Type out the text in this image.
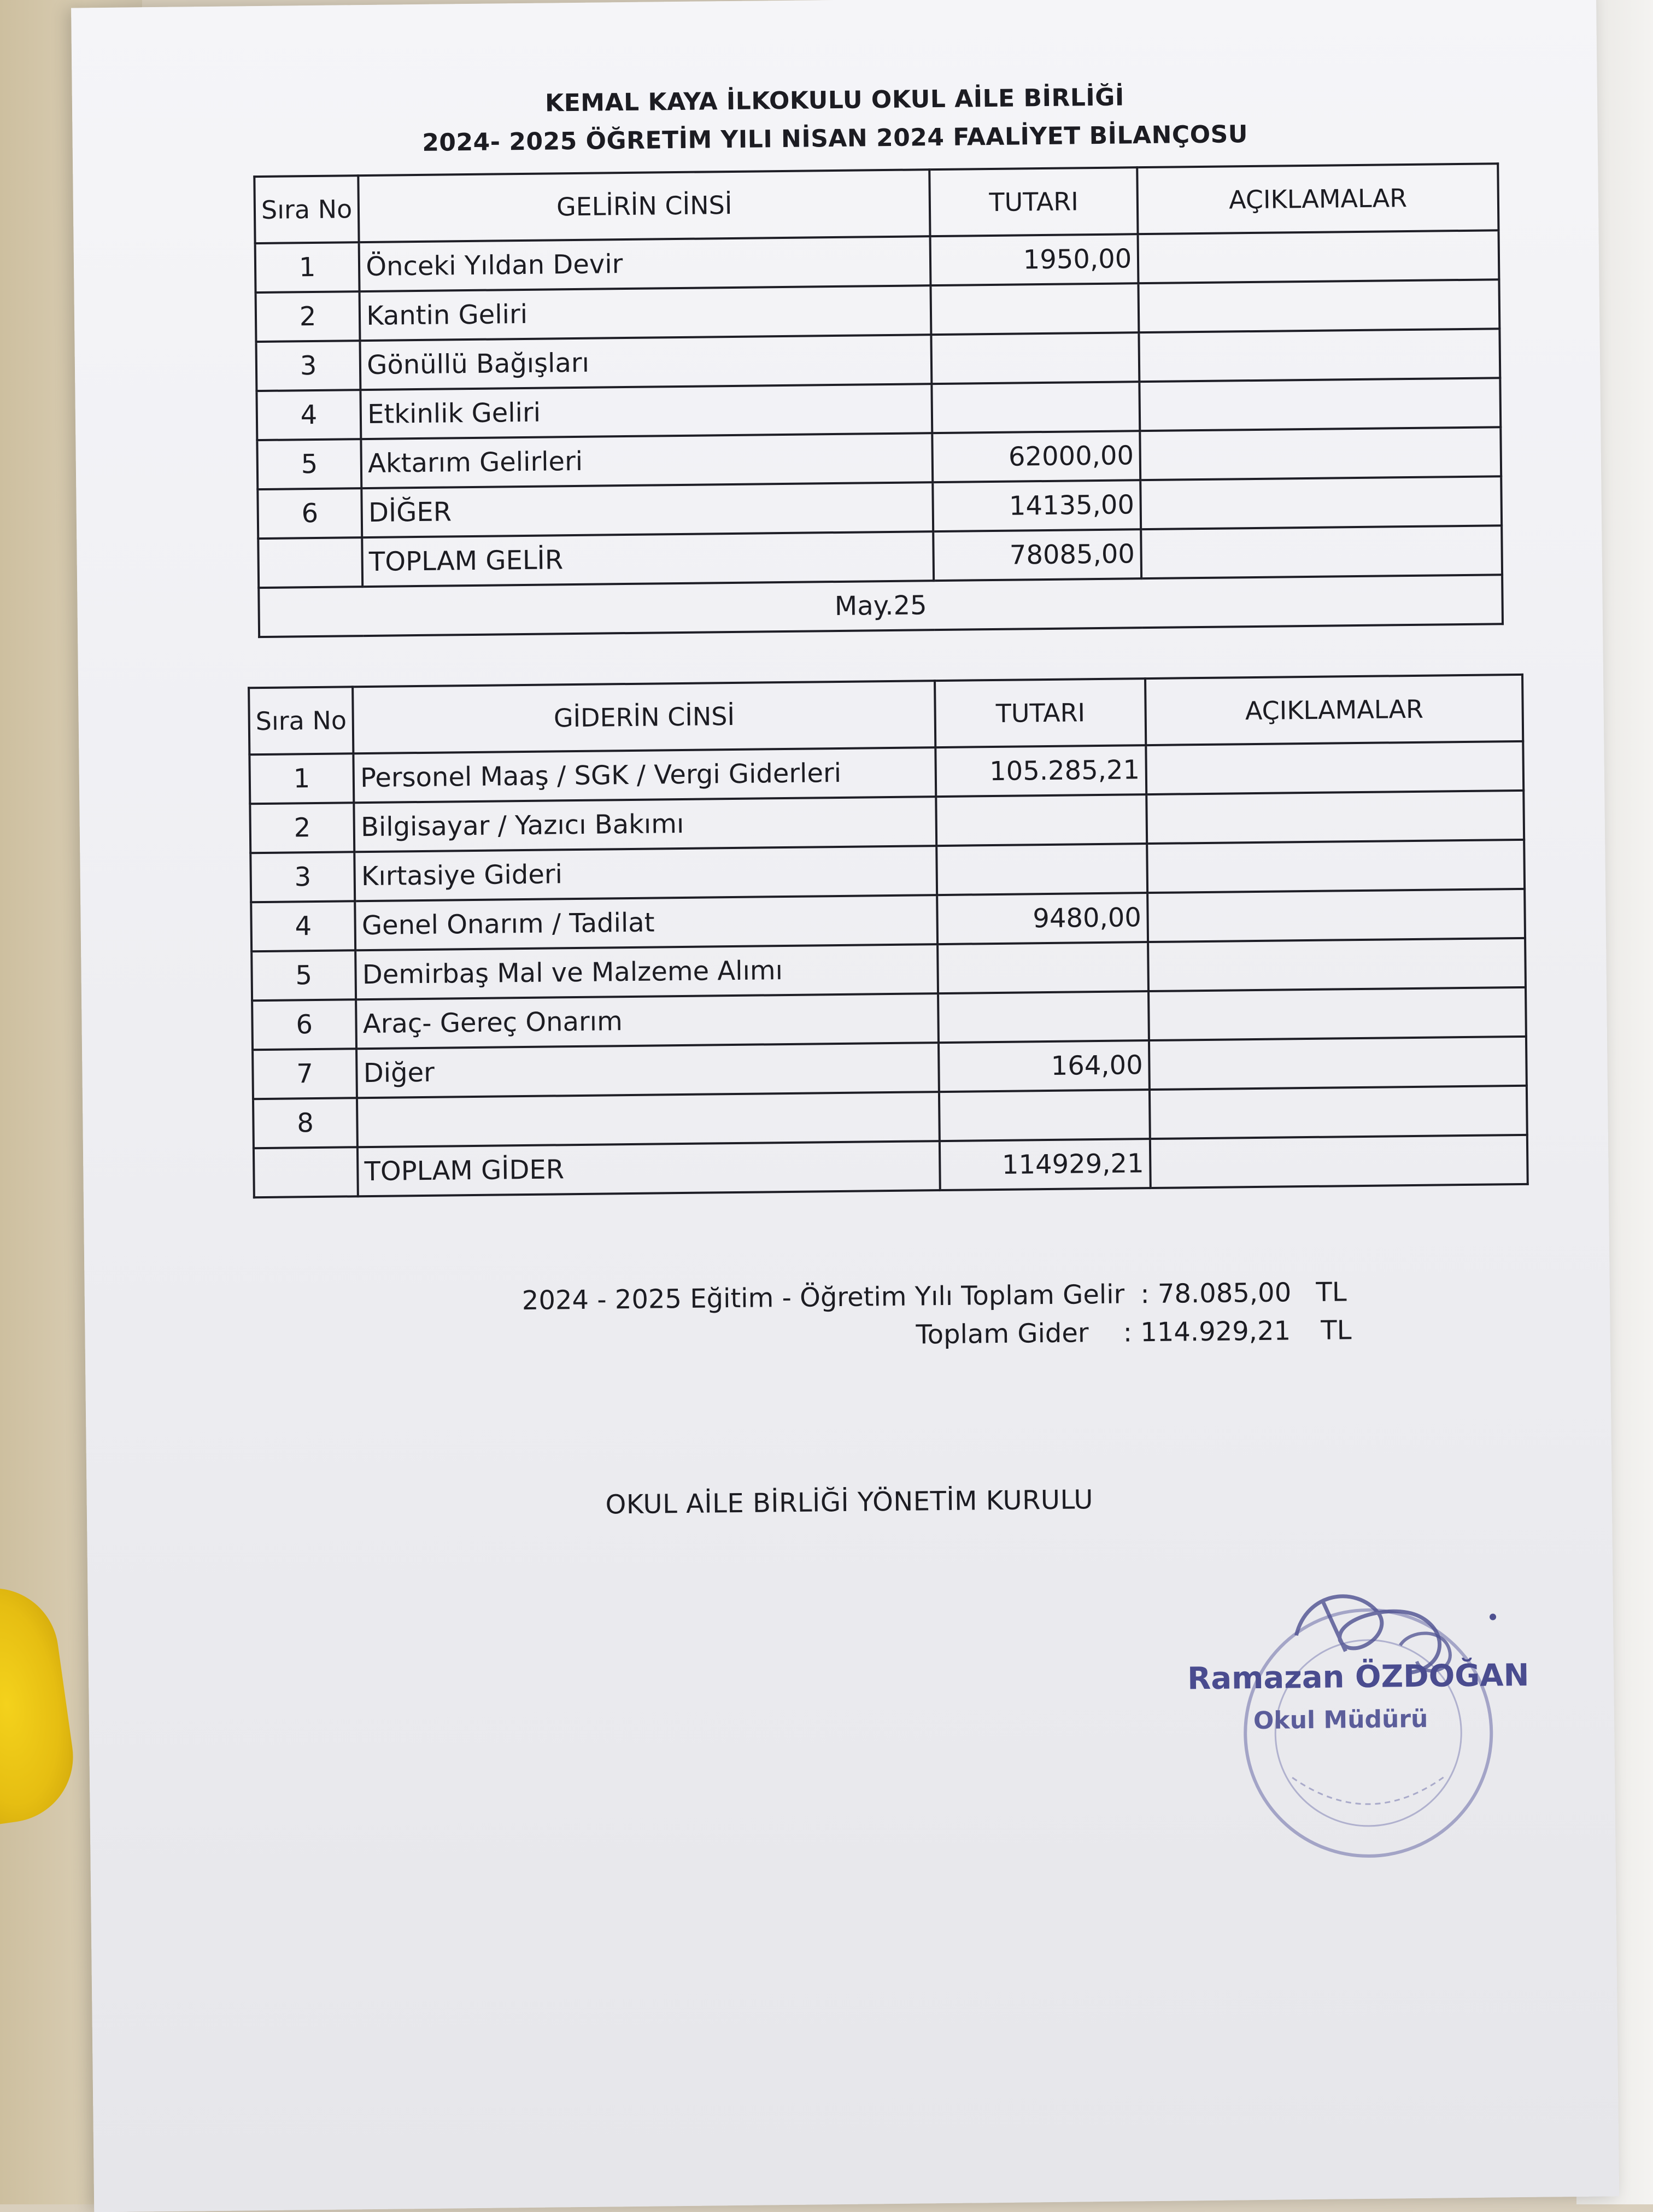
KEMAL KAYA İLKOKULU OKUL AİLE BİRLİĞİ
2024- 2025 ÖĞRETİM YILI NİSAN 2024 FAALİYET BİLANÇOSU
Sıra No	GELİRİN CİNSİ	TUTARI	AÇIKLAMALAR
1	Önceki Yıldan Devir	1950,00	
2	Kantin Geliri		
3	Gönüllü Bağışları		
4	Etkinlik Geliri		
5	Aktarım Gelirleri	62000,00	
6	DİĞER	14135,00	
	TOPLAM GELİR	78085,00	
May.25			
Sıra No	GİDERİN CİNSİ	TUTARI	AÇIKLAMALAR
1	Personel Maaş / SGK / Vergi Giderleri	105.285,21	
2	Bilgisayar / Yazıcı Bakımı		
3	Kırtasiye Gideri		
4	Genel Onarım / Tadilat	9480,00	
5	Demirbaş Mal ve Malzeme Alımı		
6	Araç- Gereç Onarım		
7	Diğer	164,00	
8			
	TOPLAM GİDER	114929,21	
2024 - 2025 Eğitim - Öğretim Yılı Toplam Gelir : 78.085,00 TL
Toplam Gider : 114.929,21 TL
OKUL AİLE BİRLİĞİ YÖNETİM KURULU
Ramazan ÖZDOĞAN
Okul Müdürü
